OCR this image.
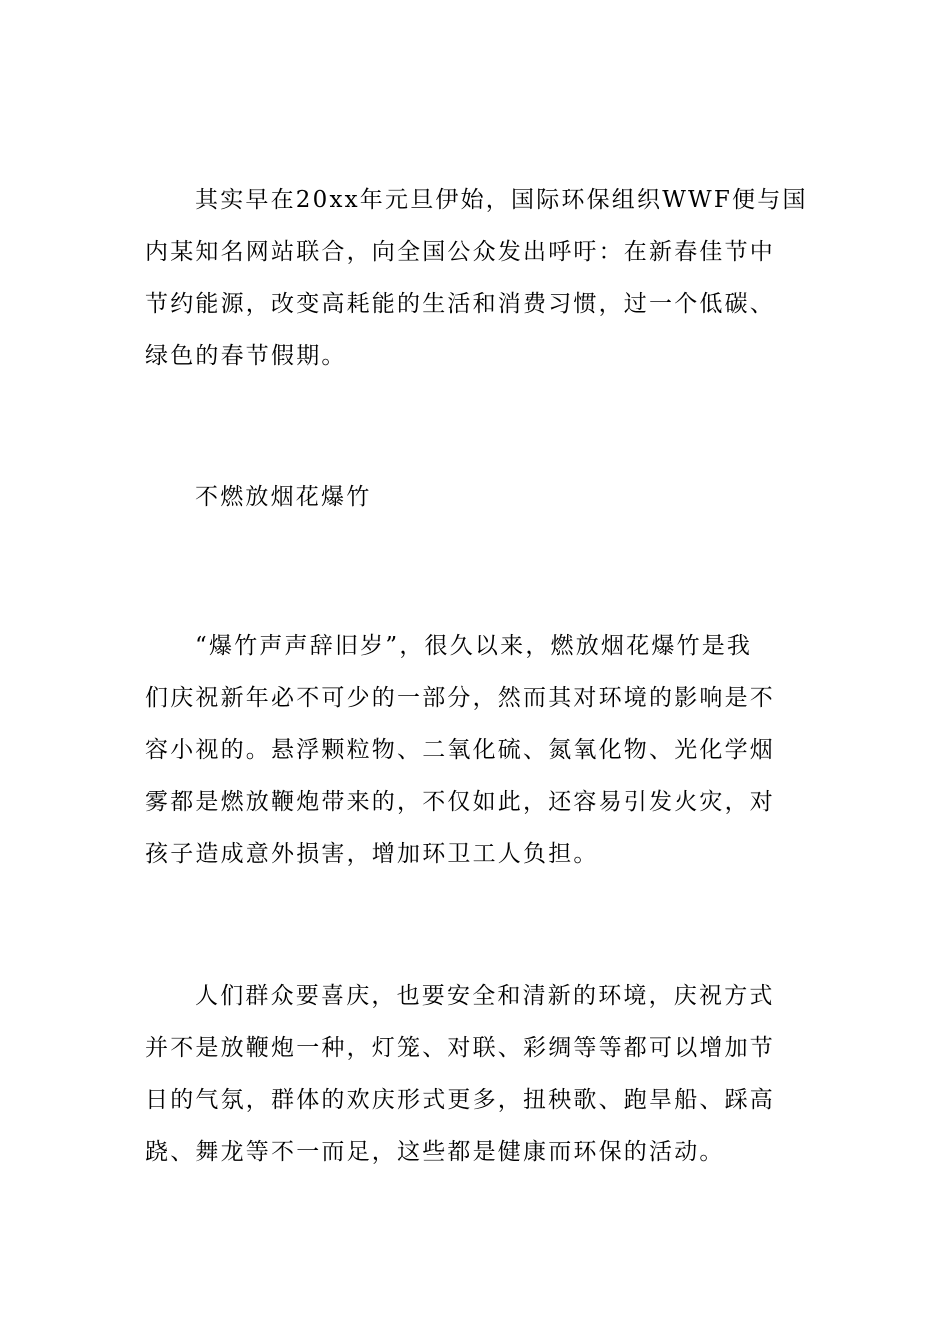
其实早在20xx年元旦伊始，国际环保组织WWF便与国
内某知名网站联合，向全国公众发出呼吁：在新春佳节中
节约能源，改变高耗能的生活和消费习惯，过一个低碳、
绿色的春节假期。
不燃放烟花爆竹
“爆竹声声辞旧岁”，很久以来，燃放烟花爆竹是我
们庆祝新年必不可少的一部分，然而其对环境的影响是不
容小视的。悬浮颗粒物、二氧化硫、氮氧化物、光化学烟
雾都是燃放鞭炮带来的，不仅如此，还容易引发火灾，对
孩子造成意外损害，增加环卫工人负担。
人们群众要喜庆，也要安全和清新的环境，庆祝方式
并不是放鞭炮一种，灯笼、对联、彩绸等等都可以增加节
日的气氛，群体的欢庆形式更多，扭秧歌、跑旱船、踩高
跷、舞龙等不一而足，这些都是健康而环保的活动。
